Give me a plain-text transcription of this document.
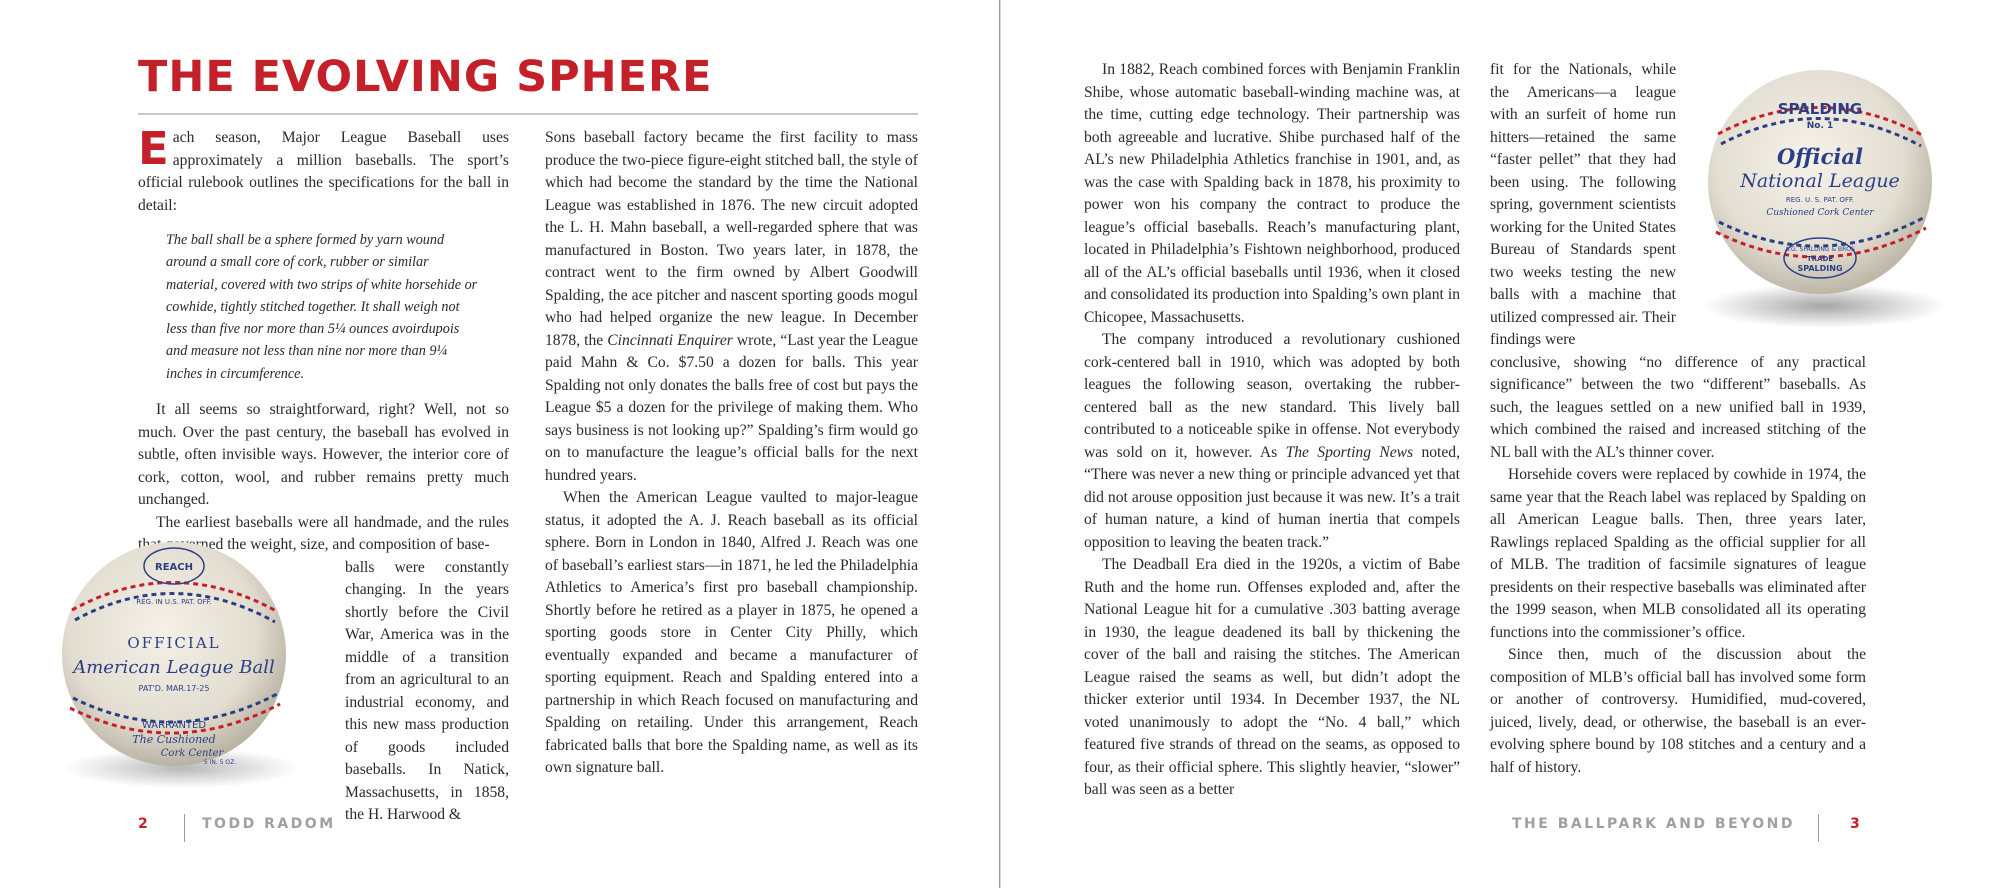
THE EVOLVING SPHERE

Each season, Major League Baseball uses approximately a million baseballs. The sport’s official rulebook outlines the specifications for the ball in detail:

The ball shall be a sphere formed by yarn wound around a small core of cork, rubber or similar material, covered with two strips of white horsehide or cowhide, tightly stitched together. It shall weigh not less than five nor more than 5¼ ounces avoirdupois and measure not less than nine nor more than 9¼ inches in circumference.

It all seems so straightforward, right? Well, not so much. Over the past century, the baseball has evolved in subtle, often invisible ways. However, the interior core of cork, cotton, wool, and rubber remains pretty much unchanged.

The earliest baseballs were all handmade, and the rules that governed the weight, size, and composition of base-

balls were constantly changing. In the years shortly before the Civil War, America was in the middle of a transition from an agricultural to an industrial economy, and this new mass production of goods included baseballs. In Natick, Massachusetts, in 1858, the H. Harwood &

Sons baseball factory became the first facility to mass produce the two-piece figure-eight stitched ball, the style of which had become the standard by the time the National League was established in 1876. The new circuit adopted the L. H. Mahn baseball, a well-regarded sphere that was manufactured in Boston. Two years later, in 1878, the contract went to the firm owned by Albert Goodwill Spalding, the ace pitcher and nascent sporting goods mogul who had helped organize the new league. In December 1878, the Cincinnati Enquirer wrote, “Last year the League paid Mahn & Co. $7.50 a dozen for balls. This year Spalding not only donates the balls free of cost but pays the League $5 a dozen for the privilege of making them. Who says business is not looking up?” Spalding’s firm would go on to manufacture the league’s official balls for the next hundred years.

When the American League vaulted to major-league status, it adopted the A. J. Reach baseball as its official sphere. Born in London in 1840, Alfred J. Reach was one of baseball’s earliest stars—in 1871, he led the Philadelphia Athletics to America’s first pro baseball championship. Shortly before he retired as a player in 1875, he opened a sporting goods store in Center City Philly, which eventually expanded and became a manufacturer of sporting equipment. Reach and Spalding entered into a partnership in which Reach focused on manufacturing and Spalding on retailing. Under this arrangement, Reach fabricated balls that bore the Spalding name, as well as its own signature ball.

REACH
REG. IN U.S. PAT. OFF.
OFFICIAL
American League Ball
PAT'D. MAR.17-25
WARRANTED
The Cushioned
Cork Center
5 IN. 5 OZ.
2	TODD RADOM

In 1882, Reach combined forces with Benjamin Franklin Shibe, whose automatic baseball-winding machine was, at the time, cutting edge technology. Their partnership was both agreeable and lucrative. Shibe purchased half of the AL’s new Philadelphia Athletics franchise in 1901, and, as was the case with Spalding back in 1878, his proximity to power won his company the contract to produce the league’s official baseballs. Reach’s manufacturing plant, located in Philadelphia’s Fishtown neighborhood, produced all of the AL’s official baseballs until 1936, when it closed and consolidated its production into Spalding’s own plant in Chicopee, Massachusetts.

The company introduced a revolutionary cushioned cork-centered ball in 1910, which was adopted by both leagues the following season, overtaking the rubber-centered ball as the new standard. This lively ball contributed to a noticeable spike in offense. Not everybody was sold on it, however. As The Sporting News noted, “There was never a new thing or principle advanced yet that did not arouse opposition just because it was new. It’s a trait of human nature, a kind of human inertia that compels opposition to leaving the beaten track.”

The Deadball Era died in the 1920s, a victim of Babe Ruth and the home run. Offenses exploded and, after the National League hit for a cumulative .303 batting average in 1930, the league deadened its ball by thickening the cover of the ball and raising the stitches. The American League raised the seams as well, but didn’t adopt the thicker exterior until 1934. In December 1937, the NL voted unanimously to adopt the “No. 4 ball,” which featured five strands of thread on the seams, as opposed to four, as their official sphere. This slightly heavier, “slower” ball was seen as a better

fit for the Nationals, while the Americans—a league with an surfeit of home run hitters—retained the same “faster pellet” that they had been using. The following spring, government scientists working for the United States Bureau of Standards spent two weeks testing the new balls with a machine that utilized compressed air. Their findings were

conclusive, showing “no difference of any practical significance” between the two “different” baseballs. As such, the leagues settled on a new unified ball in 1939, which combined the raised and increased stitching of the NL ball with the AL’s thinner cover.

Horsehide covers were replaced by cowhide in 1974, the same year that the Reach label was replaced by Spalding on all American League balls. Then, three years later, Rawlings replaced Spalding as the official supplier for all of MLB. The tradition of facsimile signatures of league presidents on their respective baseballs was eliminated after the 1999 season, when MLB consolidated all its operating functions into the commissioner’s office.

Since then, much of the discussion about the composition of MLB’s official ball has involved some form or another of controversy. Humidified, mud-covered, juiced, lively, dead, or otherwise, the baseball is an ever-evolving sphere bound by 108 stitches and a century and a half of history.

SPALDING
No. 1
Official
National League
REG. U. S. PAT. OFF.
Cushioned Cork Center
A.G. SPALDING & BROS
TRADE
SPALDING
THE BALLPARK AND BEYOND	3
